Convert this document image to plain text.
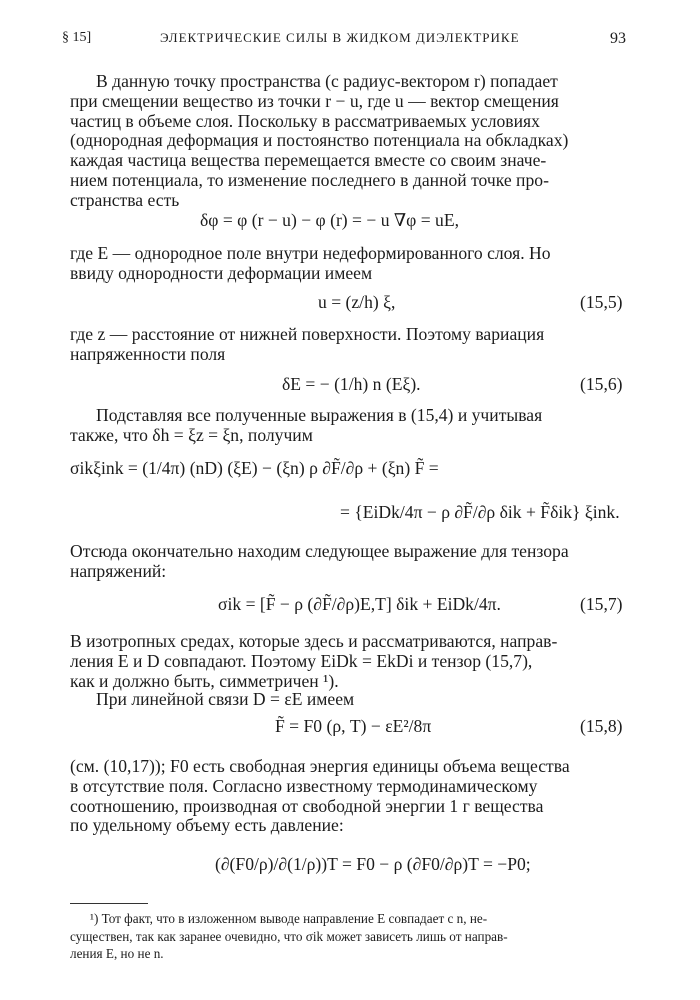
§ 15]	ЭЛЕКТРИЧЕСКИЕ СИЛЫ В ЖИДКОМ ДИЭЛЕКТРИКЕ	93
В данную точку пространства (с радиус-вектором r) попадает
при смещении вещество из точки r − u, где u — вектор смещения
частиц в объеме слоя. Поскольку в рассматриваемых условиях
(однородная деформация и постоянство потенциала на обкладках)
каждая частица вещества перемещается вместе со своим значе-
нием потенциала, то изменение последнего в данной точке про-
странства есть
δφ = φ (r − u) − φ (r) = − u ∇φ = uE,
где E — однородное поле внутри недеформированного слоя. Но
ввиду однородности деформации имеем
u = (z/h) ξ,	(15,5)
где z — расстояние от нижней поверхности. Поэтому вариация
напряженности поля
δE = − (1/h) n (Eξ).	(15,6)
Подставляя все полученные выражения в (15,4) и учитывая
также, что δh = ξz = ξn, получим
σikξink = (1/4π) (nD) (ξE) − (ξn) ρ ∂F̃/∂ρ + (ξn) F̃ =
= {EiDk/4π − ρ ∂F̃/∂ρ δik + F̃δik} ξink.
Отсюда окончательно находим следующее выражение для тензора
напряжений:
σik = [F̃ − ρ (∂F̃/∂ρ)E,T] δik + EiDk/4π.	(15,7)
В изотропных средах, которые здесь и рассматриваются, направ-
ления E и D совпадают. Поэтому EiDk = EkDi и тензор (15,7),
как и должно быть, симметричен ¹).
При линейной связи D = εE имеем
F̃ = F0 (ρ, T) − εE²/8π	(15,8)
(см. (10,17)); F0 есть свободная энергия единицы объема вещества
в отсутствие поля. Согласно известному термодинамическому
соотношению, производная от свободной энергии 1 г вещества
по удельному объему есть давление:
(∂(F0/ρ)/∂(1/ρ))T = F0 − ρ (∂F0/∂ρ)T = −P0;
¹) Тот факт, что в изложенном выводе направление E совпадает с n, не-
существен, так как заранее очевидно, что σik может зависеть лишь от направ-
ления E, но не n.
